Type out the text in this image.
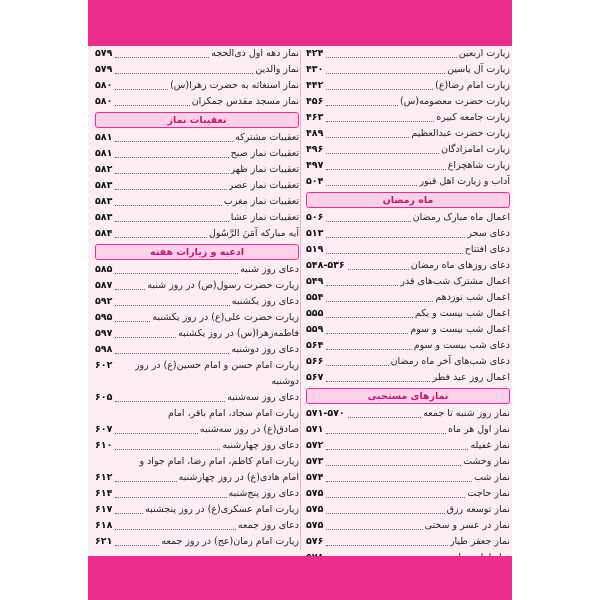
۴۲۴	زیارت اربعین
۴۳۰	زیارت آل یاسین
۴۴۲	زیارت امام رضا(ع)
۴۵۶	زیارت حضرت معصومه(س)
۴۶۳	زیارت جامعه کبیره
۴۸۹	زیارت حضرت عبدالعظیم
۴۹۶	زیارت امامزادگان
۴۹۷	زیارت شاهچراغ
۵۰۴	آداب و زیارت اهل قبور
ماه رمضان
۵۰۶	اعمال ماه مبارک رمضان
۵۱۳	دعای سحر
۵۱۹	دعای افتتاح
۵۴۸-۵۳۶	دعای روزهای ماه رمضان
۵۴۹	اعمال مشترک شب‌های قدر
۵۵۴	اعمال شب نوزدهم
۵۵۵	اعمال شب بیست و یکم
۵۵۹	اعمال شب بیست و سوم
۵۶۴	دعای شب بیست و سوم
۵۶۶	دعای شب‌های آخر ماه رمضان
۵۶۷	اعمال روز عید فطر
نمازهای مستحبی
۵۷۱-۵۷۰	نماز روز شنبه تا جمعه
۵۷۱	نماز اول هر ماه
۵۷۲	نماز غفیله
۵۷۳	نماز وحشت
۵۷۴	نماز شب
۵۷۵	نماز حاجت
۵۷۵	نماز توسعه رزق
۵۷۵	نماز در عسر و سختی
۵۷۶	نماز جعفر طیار
۵۷۹	نماز دهه اول ذی‌الحجه
۵۷۹	نماز والدین
۵۸۰	نماز استغاثه به حضرت زهرا(س)
۵۸۰	نماز مسجد مقدس جمکران
تعقیبات نماز
۵۸۱	تعقیبات مشترکه
۵۸۱	تعقیبات نماز صبح
۵۸۲	تعقیبات نماز ظهر
۵۸۳	تعقیبات نماز عصر
۵۸۳	تعقیبات نماز مغرب
۵۸۳	تعقیبات نماز عشا
۵۸۴	آیه مبارکه آمَنَ الرَّسُول
ادعیه و زیارات هفته
۵۸۵	دعای روز شنبه
۵۸۷	زیارت حضرت رسول(ص) در روز شنبه
۵۹۲	دعای روز یکشنبه
۵۹۵	زیارت حضرت علی(ع) در روز یکشنبه
۵۹۷	فاطمه‌زهرا(س) در روز یکشنبه
۵۹۸	دعای روز دوشنبه
۶۰۲ زیارت امام حسن و امام حسین(ع) در روز
دوشنبه
۶۰۵	دعای روز سه‌شنبه
زیارت امام سجاد، امام باقر، امام
۶۰۷	صادق(ع) در روز سه‌شنبه
۶۱۰	دعای روز چهارشنبه
زیارت امام کاظم، امام رضا، امام جواد و
۶۱۲	امام هادی(ع) در روز چهارشنبه
۶۱۴	دعای روز پنج‌شنبه
۶۱۷	زیارت امام عسکری(ع) در روز پنجشنبه
۶۱۸	دعای روز جمعه
۶۲۱	زیارت امام زمان(عج) در روز جمعه
